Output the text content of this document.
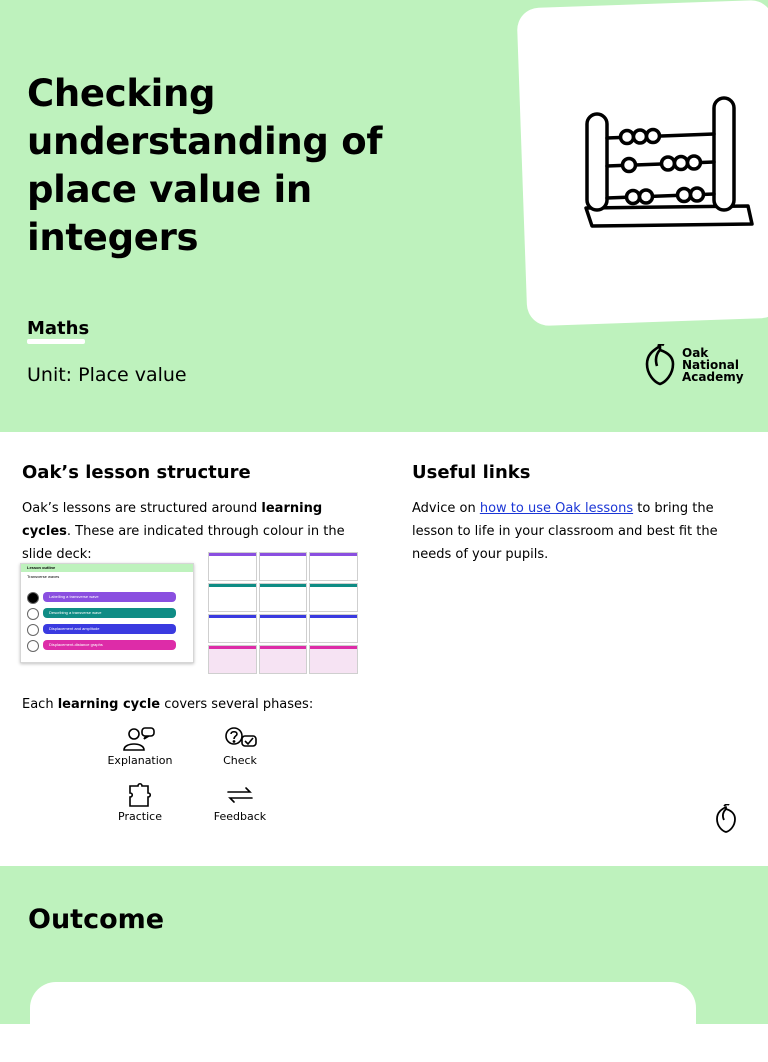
Checking understanding of place value in integers

Maths

Unit: Place value
Oak
National
Academy
Oak’s lesson structure

Oak’s lessons are structured around learning cycles. These are indicated through colour in the slide deck:

Lesson outline
Transverse waves
Labelling a transverse wave
Describing a transverse wave
Displacement and amplitude
Displacement-distance graphs

Each learning cycle covers several phases:

Explanation	Check
Practice	Feedback
Useful links

Advice on how to use Oak lessons to bring the lesson to life in your classroom and best fit the needs of your pupils.

Outcome
